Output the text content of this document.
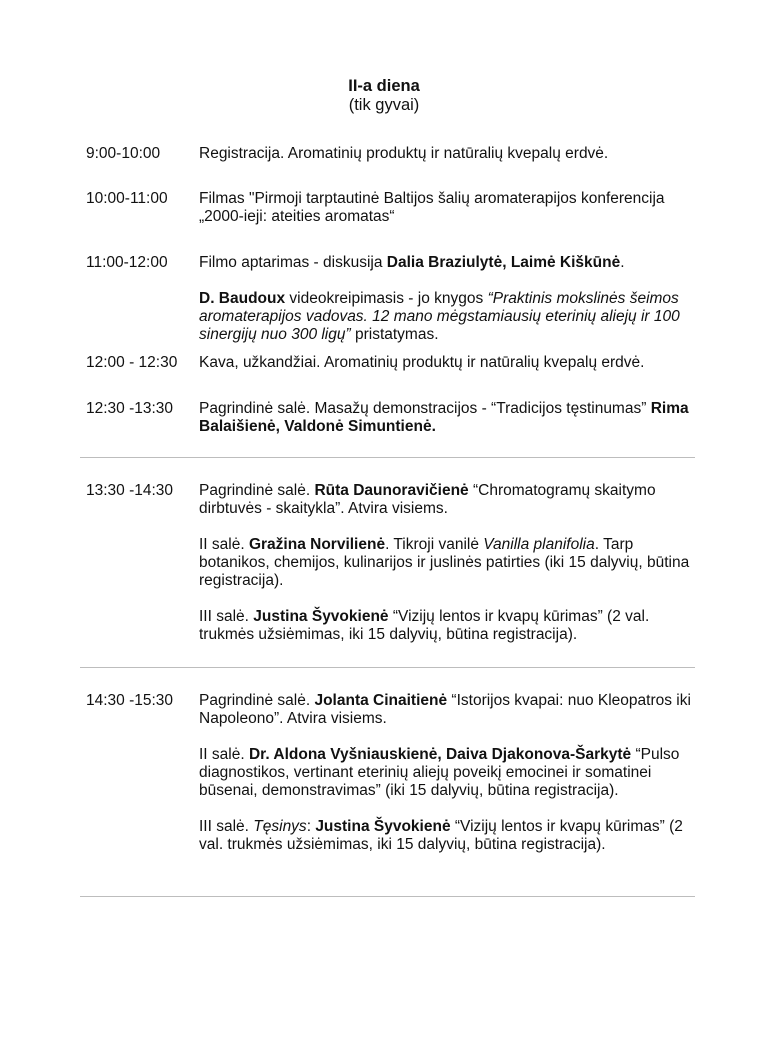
II-a diena
(tik gyvai)
9:00-10:00	Registracija. Aromatinių produktų ir natūralių kvepalų erdvė.

10:00-11:00 Filmas "Pirmoji tarptautinė Baltijos šalių aromaterapijos konferencija „2000-ieji: ateities aromatas“

11:00-12:00 Filmo aptarimas - diskusija Dalia Braziulytė, Laimė Kiškūnė.

D. Baudoux videokreipimasis - jo knygos “Praktinis mokslinės šeimos aromaterapijos vadovas. 12 mano mėgstamiausių eterinių aliejų ir 100 sinergijų nuo 300 ligų” pristatymas.

12:00 - 12:30 Kava, užkandžiai. Aromatinių produktų ir natūralių kvepalų erdvė.

12:30 -13:30 Pagrindinė salė. Masažų demonstracijos - “Tradicijos tęstinumas” Rima Balaišienė, Valdonė Simuntienė.

13:30 -14:30 Pagrindinė salė. Rūta Daunoravičienė “Chromatogramų skaitymo dirbtuvės - skaitykla”. Atvira visiems.

II salė. Gražina Norvilienė. Tikroji vanilė Vanilla planifolia. Tarp botanikos, chemijos, kulinarijos ir juslinės patirties (iki 15 dalyvių, būtina registracija).

III salė. Justina Šyvokienė “Vizijų lentos ir kvapų kūrimas” (2 val. trukmės užsiėmimas, iki 15 dalyvių, būtina registracija).

14:30 -15:30 Pagrindinė salė. Jolanta Cinaitienė “Istorijos kvapai: nuo Kleopatros iki Napoleono”. Atvira visiems.

II salė. Dr. Aldona Vyšniauskienė, Daiva Djakonova-Šarkytė “Pulso diagnostikos, vertinant eterinių aliejų poveikį emocinei ir somatinei būsenai, demonstravimas” (iki 15 dalyvių, būtina registracija).

III salė. Tęsinys: Justina Šyvokienė “Vizijų lentos ir kvapų kūrimas” (2 val. trukmės užsiėmimas, iki 15 dalyvių, būtina registracija).
